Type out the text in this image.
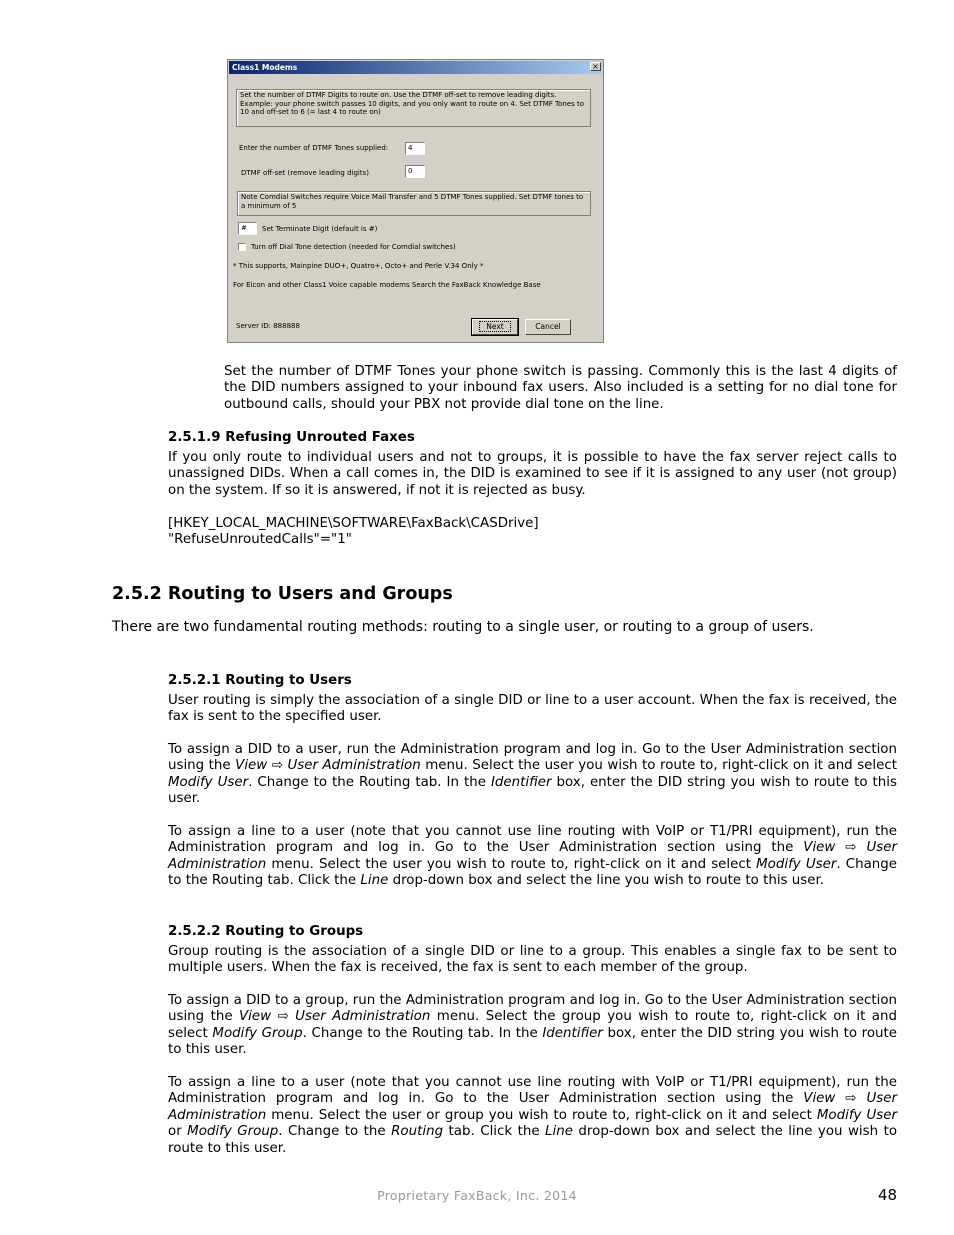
Class1 Modems	×
Set the number of DTMF Digits to route on. Use the DTMF off-set to remove leading digits. Example: your phone switch passes 10 digits, and you only want to route on 4. Set DTMF Tones to 10 and off-set to 6 (= last 4 to route on)
Enter the number of DTMF Tones supplied:	4
DTMF off-set (remove leading digits)	0
Note Comdial Switches require Voice Mail Transfer and 5 DTMF Tones supplied. Set DTMF tones to a minimum of 5
#	Set Terminate Digit (default is #)
Turn off Dial Tone detection (needed for Comdial switches)
* This supports, Mainpine DUO+, Quatro+, Octo+ and Perle V.34 Only *
For Eicon and other Class1 Voice capable modems Search the FaxBack Knowledge Base
Server ID: 888888	Next	Cancel

Set the number of DTMF Tones your phone switch is passing. Commonly this is the last 4 digits of the DID numbers assigned to your inbound fax users. Also included is a setting for no dial tone for outbound calls, should your PBX not provide dial tone on the line.

2.5.1.9 Refusing Unrouted Faxes

If you only route to individual users and not to groups, it is possible to have the fax server reject calls to unassigned DIDs. When a call comes in, the DID is examined to see if it is assigned to any user (not group) on the system. If so it is answered, if not it is rejected as busy.

[HKEY_LOCAL_MACHINE\SOFTWARE\FaxBack\CASDrive]

"RefuseUnroutedCalls"="1"

2.5.2 Routing to Users and Groups

There are two fundamental routing methods: routing to a single user, or routing to a group of users.

2.5.2.1 Routing to Users

User routing is simply the association of a single DID or line to a user account. When the fax is received, the fax is sent to the specified user.

To assign a DID to a user, run the Administration program and log in. Go to the User Administration section using the View ⇨ User Administration menu. Select the user you wish to route to, right-click on it and select Modify User. Change to the Routing tab. In the Identifier box, enter the DID string you wish to route to this user.

To assign a line to a user (note that you cannot use line routing with VoIP or T1/PRI equipment), run the Administration program and log in. Go to the User Administration section using the View ⇨ User Administration menu. Select the user you wish to route to, right-click on it and select Modify User. Change to the Routing tab. Click the Line drop-down box and select the line you wish to route to this user.

2.5.2.2 Routing to Groups

Group routing is the association of a single DID or line to a group. This enables a single fax to be sent to multiple users. When the fax is received, the fax is sent to each member of the group.

To assign a DID to a group, run the Administration program and log in. Go to the User Administration section using the View ⇨ User Administration menu. Select the group you wish to route to, right-click on it and select Modify Group. Change to the Routing tab. In the Identifier box, enter the DID string you wish to route to this user.

To assign a line to a user (note that you cannot use line routing with VoIP or T1/PRI equipment), run the Administration program and log in. Go to the User Administration section using the View ⇨ User Administration menu. Select the user or group you wish to route to, right-click on it and select Modify User or Modify Group. Change to the Routing tab. Click the Line drop-down box and select the line you wish to route to this user.

Proprietary FaxBack, Inc. 2014	48
